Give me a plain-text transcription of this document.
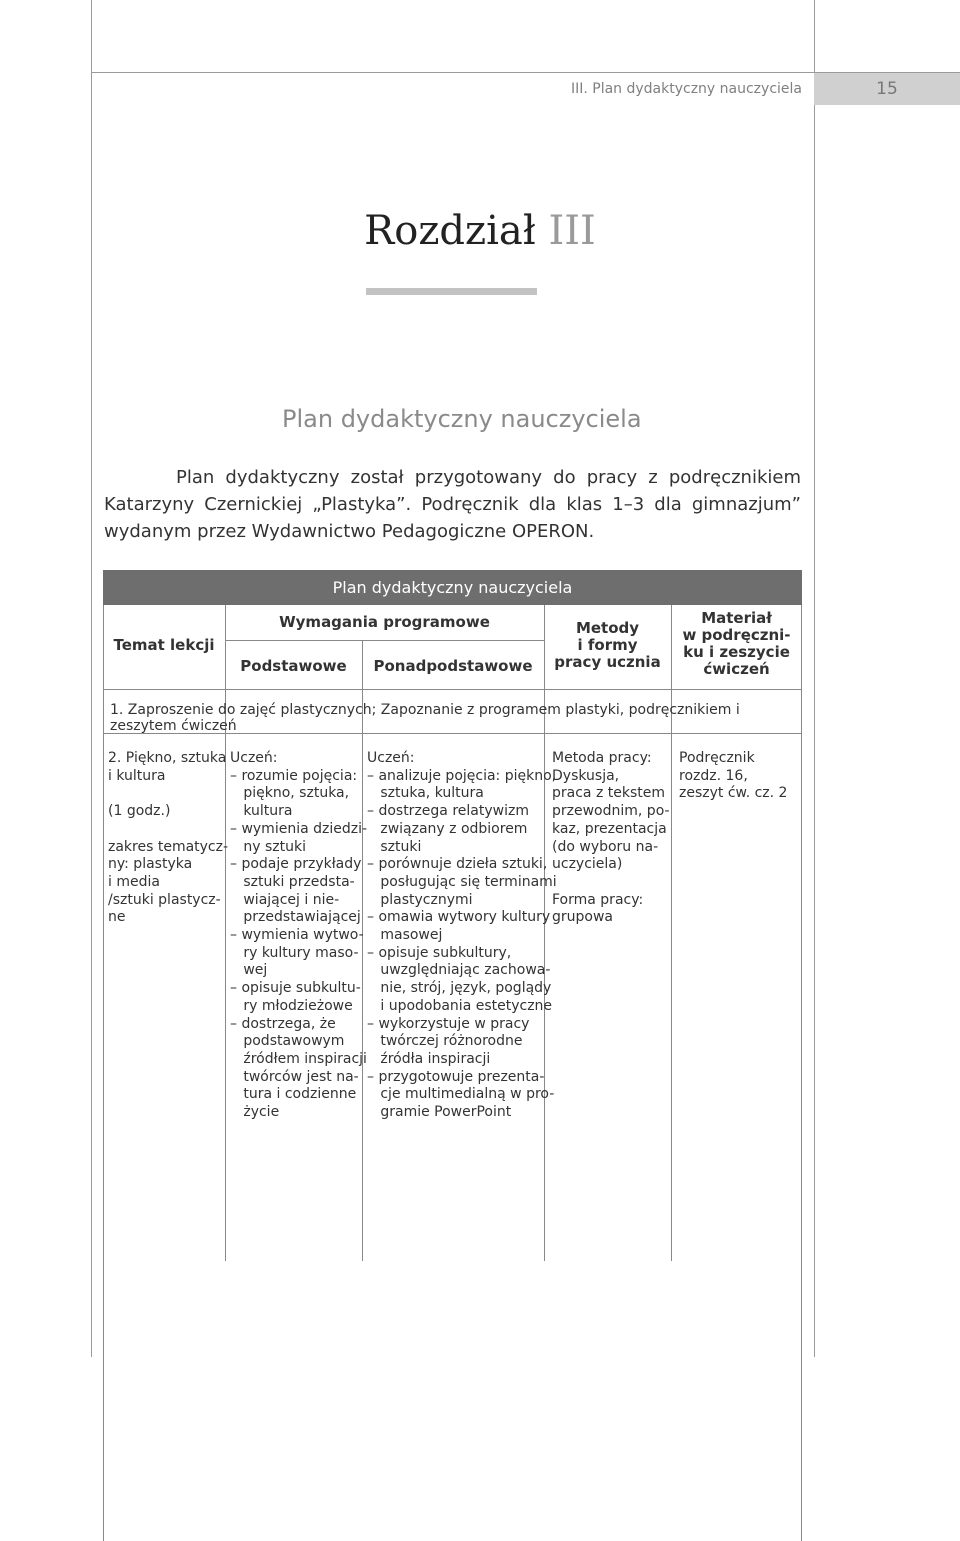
III. Plan dydaktyczny nauczyciela	15
Rozdział III
Plan dydaktyczny nauczyciela

Plan dydaktyczny został przygotowany do pracy z podręcznikiem Katarzyny Czernickiej „Plastyka”. Podręcznik dla klas 1–3 dla gimnazjum” wydanym przez Wydawnictwo Pedagogiczne OPERON.

Plan dydaktyczny nauczyciela
Temat lekcji
Wymagania programowe
Podstawowe	Ponadpodstawowe
Metody
i formy
pracy ucznia
Materiał
w podręczni-
ku i zeszycie
ćwiczeń
1. Zaproszenie do zajęć plastycznych; Zapoznanie z programem plastyki, podręcznikiem i zeszytem ćwiczeń
2. Piękno, sztuka
i kultura

(1 godz.)

zakres tematycz-
ny: plastyka
i media
/sztuki plastycz-
ne
Uczeń:
– rozumie pojęcia:
piękno, sztuka,
kultura
– wymienia dziedzi-
ny sztuki
– podaje przykłady
sztuki przedsta-
wiającej i nie-
przedstawiającej
– wymienia wytwo-
ry kultury maso-
wej
– opisuje subkultu-
ry młodzieżowe
– dostrzega, że
podstawowym
źródłem inspiracji
twórców jest na-
tura i codzienne
życie
Uczeń:
– analizuje pojęcia: piękno,
sztuka, kultura
– dostrzega relatywizm
związany z odbiorem
sztuki
– porównuje dzieła sztuki,
posługując się terminami
plastycznymi
– omawia wytwory kultury
masowej
– opisuje subkultury,
uwzględniając zachowa-
nie, strój, język, poglądy
i upodobania estetyczne
– wykorzystuje w pracy
twórczej różnorodne
źródła inspiracji
– przygotowuje prezenta-
cje multimedialną w pro-
gramie PowerPoint
Metoda pracy:
Dyskusja,
praca z tekstem
przewodnim, po-
kaz, prezentacja
(do wyboru na-
uczyciela)

Forma pracy:
grupowa
Podręcznik
rozdz. 16,
zeszyt ćw. cz. 2
